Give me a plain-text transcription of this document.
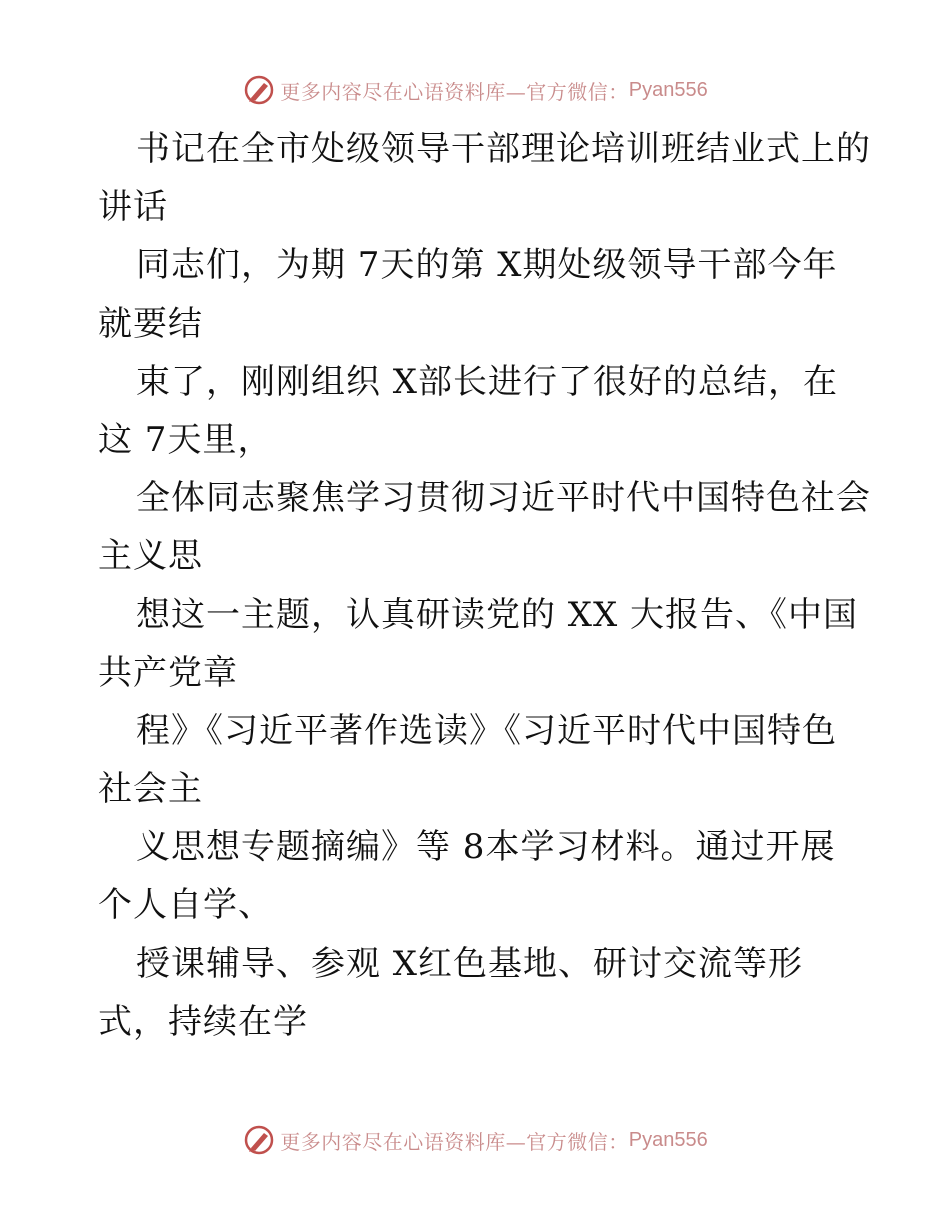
更多内容尽在心语资料库—官方微信： Pyan556
书记在全市处级领导干部理论培训班结业式上的
讲话
同志们，为期 7天的第 X期处级领导干部今年
就要结
束了，刚刚组织 X部长进行了很好的总结，在
这 7天里，
全体同志聚焦学习贯彻习近平时代中国特色社会
主义思
想这一主题，认真研读党的 XX 大报告、《中国
共产党章
程》《习近平著作选读》《习近平时代中国特色
社会主
义思想专题摘编》等 8本学习材料。通过开展
个人自学、
授课辅导、参观 X红色基地、研讨交流等形
式，持续在学
更多内容尽在心语资料库—官方微信： Pyan556
